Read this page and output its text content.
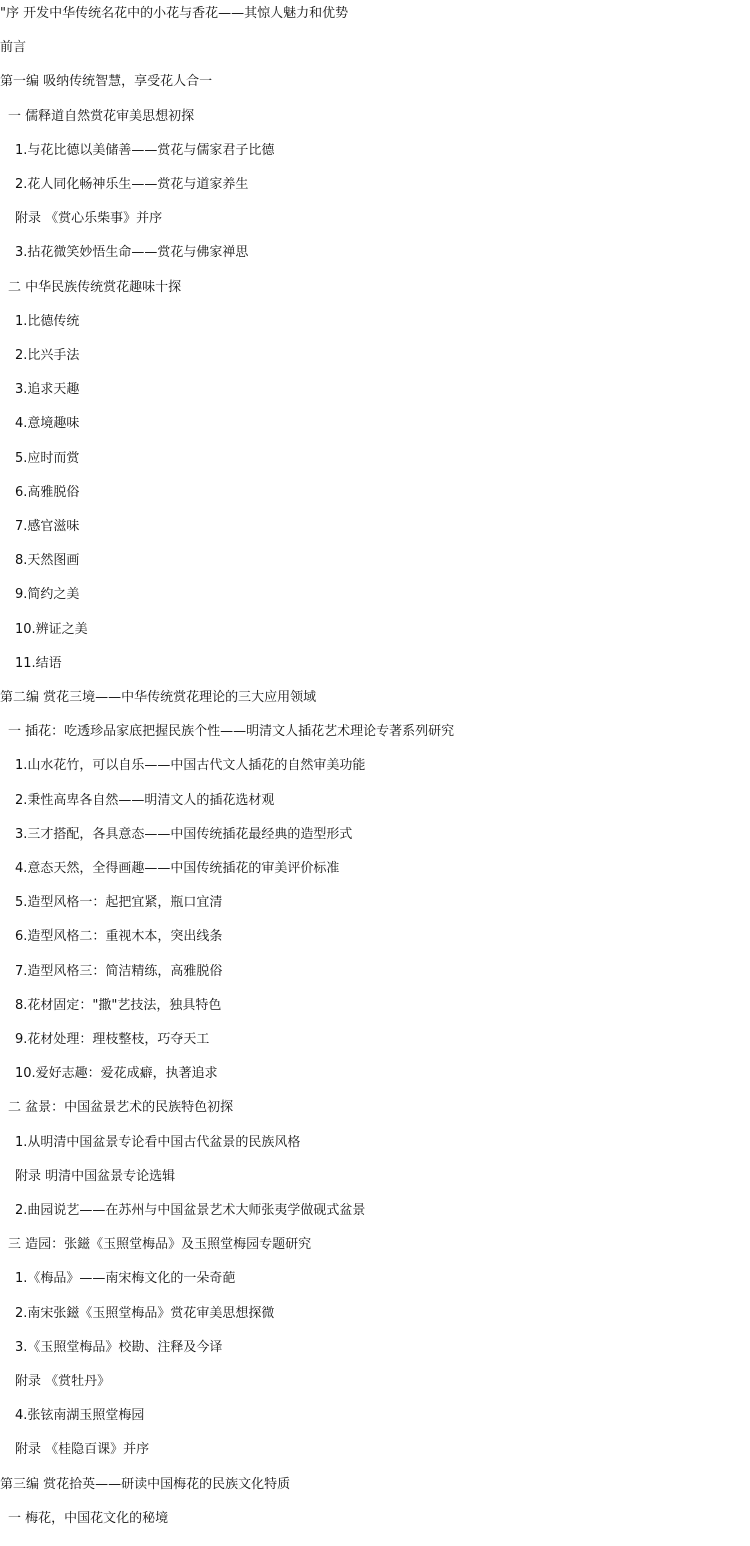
"序 开发中华传统名花中的小花与香花——其惊人魅力和优势
前言
第一编 吸纳传统智慧，享受花人合一
一 儒释道自然赏花审美思想初探
1.与花比德以美储善——赏花与儒家君子比德
2.花人同化畅神乐生——赏花与道家养生
附录 《赏心乐柴事》并序
3.拈花微笑妙悟生命——赏花与佛家禅思
二 中华民族传统赏花趣味十探
1.比德传统
2.比兴手法
3.追求天趣
4.意境趣味
5.应时而赏
6.高雅脱俗
7.感官滋味
8.天然图画
9.简约之美
10.辨证之美
11.结语
第二编 赏花三境——中华传统赏花理论的三大应用领域
一 插花：吃透珍品家底把握民族个性——明清文人插花艺术理论专著系列研究
1.山水花竹，可以自乐——中国古代文人插花的自然审美功能
2.秉性高卑各自然——明清文人的插花选材观
3.三才搭配，各具意态——中国传统插花最经典的造型形式
4.意态天然，全得画趣——中国传统插花的审美评价标准
5.造型风格一：起把宜紧，瓶口宜清
6.造型风格二：重视木本，突出线条
7.造型风格三：简洁精练，高雅脱俗
8.花材固定："撒"艺技法，独具特色
9.花材处理：理枝整枝，巧夺天工
10.爱好志趣：爱花成癖，执著追求
二 盆景：中国盆景艺术的民族特色初探
1.从明清中国盆景专论看中国古代盆景的民族风格
附录 明清中国盆景专论选辑
2.曲园说艺——在苏州与中国盆景艺术大师张夷学做砚式盆景
三 造园：张鎡《玉照堂梅品》及玉照堂梅园专题研究
1.《梅品》——南宋梅文化的一朵奇葩
2.南宋张鎡《玉照堂梅品》赏花审美思想探微
3.《玉照堂梅品》校勘、注释及今译
附录 《赏牡丹》
4.张铉南湖玉照堂梅园
附录 《桂隐百课》并序
第三编 赏花拾英——研读中国梅花的民族文化特质
一 梅花，中国花文化的秘境
